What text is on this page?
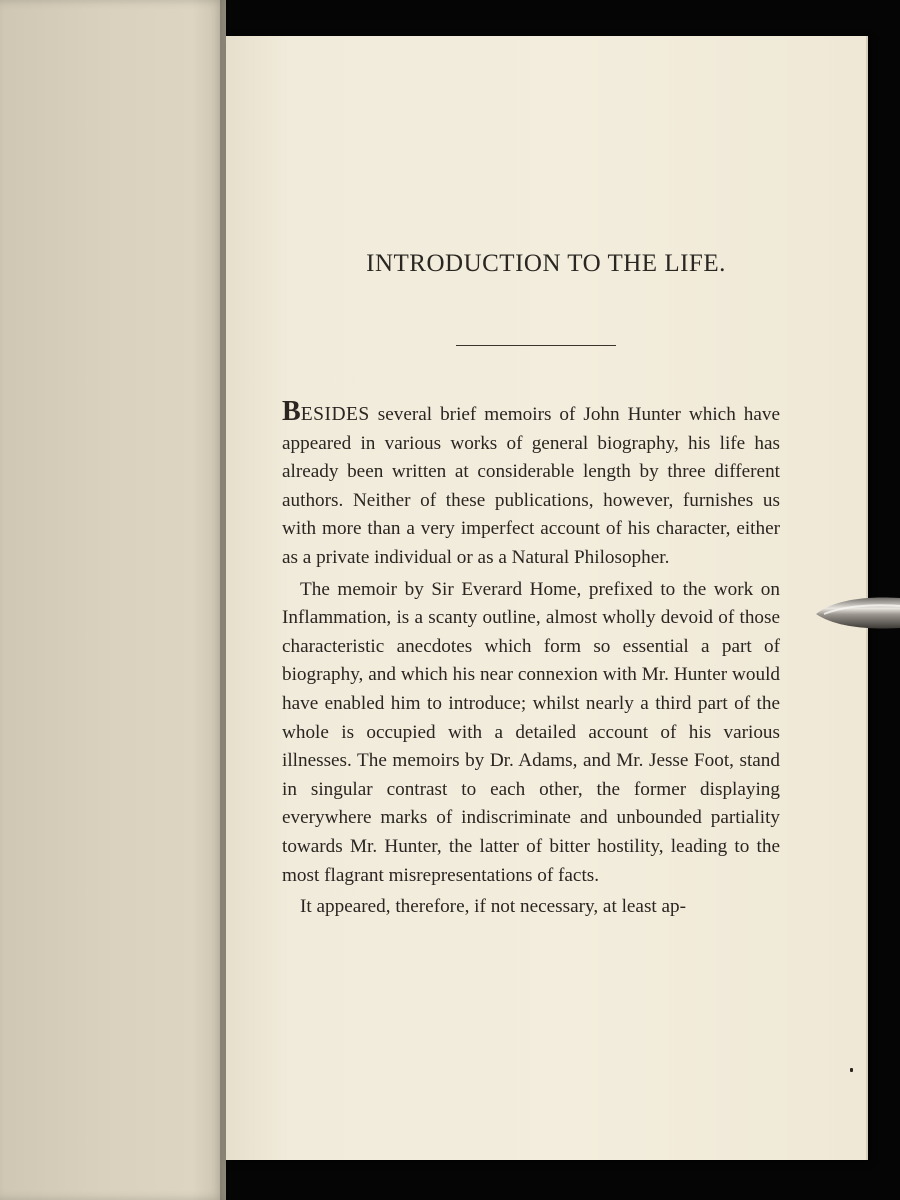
INTRODUCTION TO THE LIFE.

BESIDES several brief memoirs of John Hunter which have appeared in various works of general biography, his life has already been written at considerable length by three different authors. Neither of these publications, however, furnishes us with more than a very imperfect account of his character, either as a private individual or as a Natural Philosopher.

The memoir by Sir Everard Home, prefixed to the work on Inflammation, is a scanty outline, almost wholly devoid of those characteristic anecdotes which form so essential a part of biography, and which his near connexion with Mr. Hunter would have enabled him to introduce; whilst nearly a third part of the whole is occupied with a detailed account of his various illnesses. The memoirs by Dr. Adams, and Mr. Jesse Foot, stand in singular contrast to each other, the former displaying everywhere marks of indiscriminate and unbounded partiality towards Mr. Hunter, the latter of bitter hostility, leading to the most flagrant misrepresentations of facts.

It appeared, therefore, if not necessary, at least ap-
